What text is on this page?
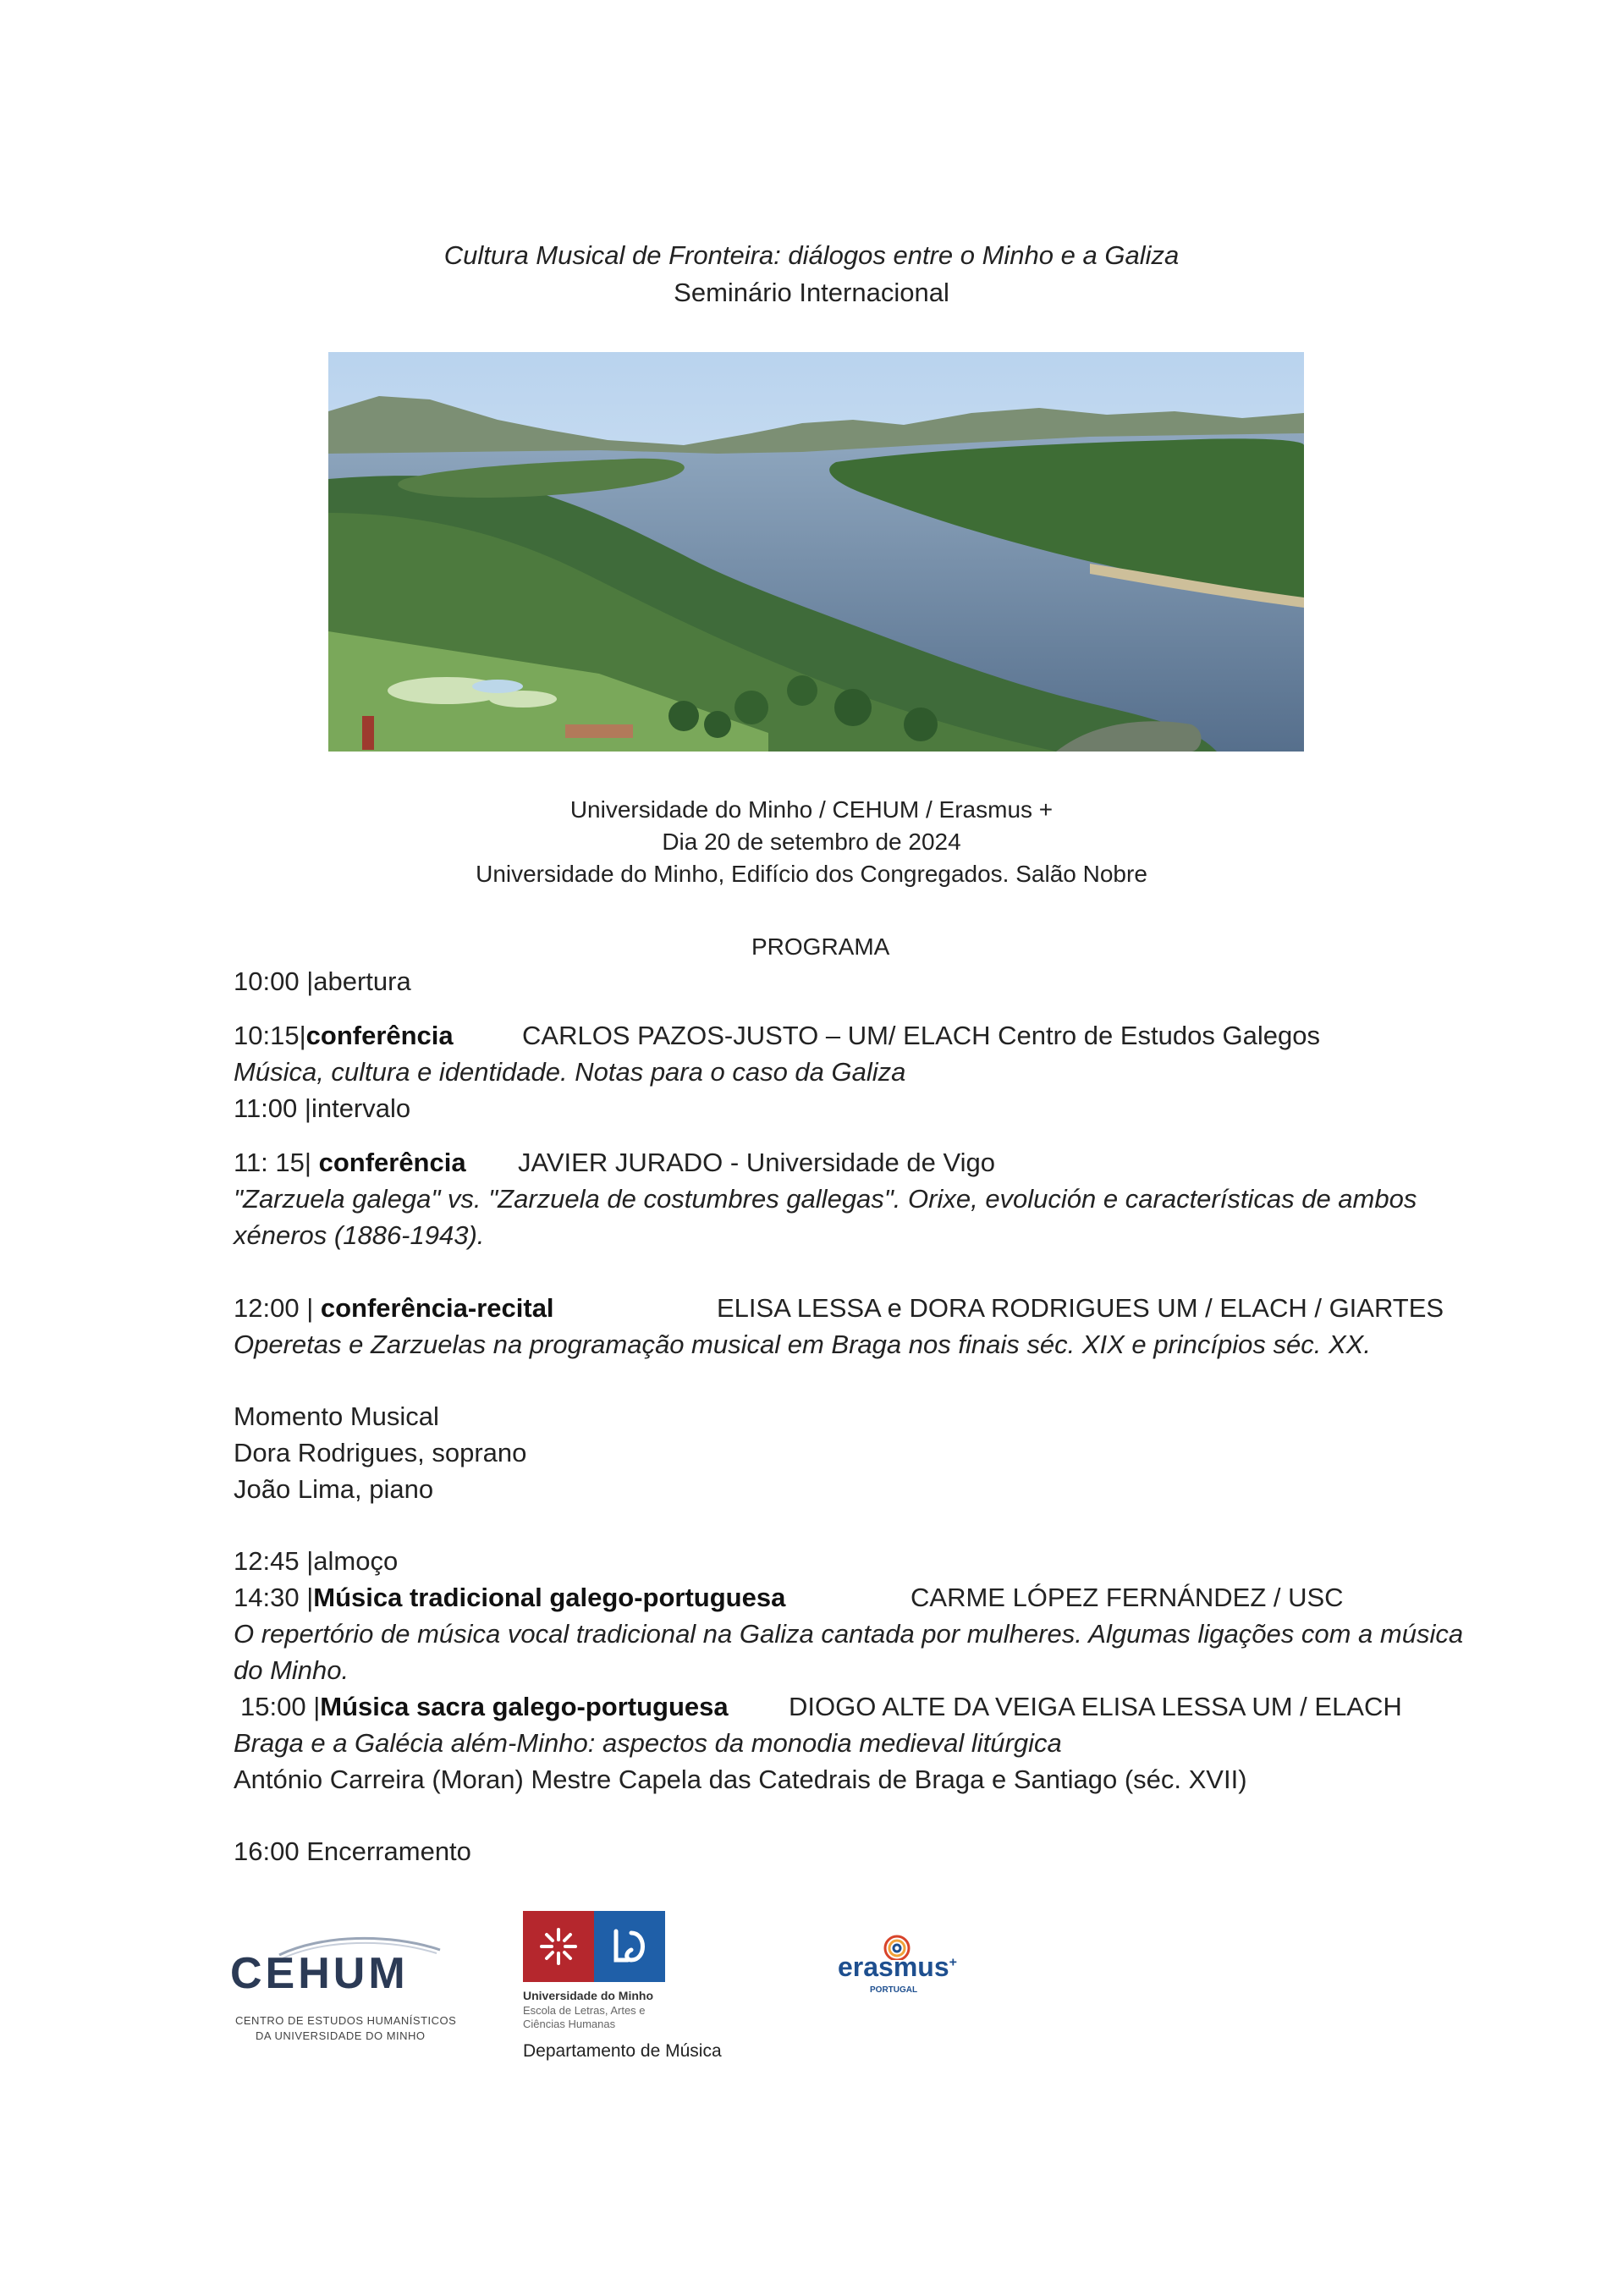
Cultura Musical de Fronteira: diálogos entre o Minho e a Galiza
Seminário Internacional
Universidade do Minho / CEHUM / Erasmus +
Dia 20 de setembro de 2024
Universidade do Minho, Edifício dos Congregados. Salão Nobre
PROGRAMA
10:00 |abertura
10:15|conferência	CARLOS PAZOS-JUSTO – UM/ ELACH Centro de Estudos Galegos
Música, cultura e identidade. Notas para o caso da Galiza
11:00 |intervalo
11: 15| conferência JAVIER JURADO - Universidade de Vigo
"Zarzuela galega" vs. "Zarzuela de costumbres gallegas". Orixe, evolución e características de ambos
xéneros (1886-1943).
12:00 | conferência-recital	ELISA LESSA e DORA RODRIGUES UM / ELACH / GIARTES
Operetas e Zarzuelas na programação musical em Braga nos finais séc. XIX e princípios séc. XX.
Momento Musical
Dora Rodrigues, soprano
João Lima, piano
12:45 |almoço
14:30 |Música tradicional galego-portuguesa	CARME LÓPEZ FERNÁNDEZ / USC
O repertório de música vocal tradicional na Galiza cantada por mulheres. Algumas ligações com a música
do Minho.
15:00 |Música sacra galego-portuguesa DIOGO ALTE DA VEIGA ELISA LESSA UM / ELACH
Braga e a Galécia além-Minho: aspectos da monodia medieval litúrgica
António Carreira (Moran) Mestre Capela das Catedrais de Braga e Santiago (séc. XVII)
16:00 Encerramento
CEHUM
CENTRO DE ESTUDOS HUMANÍSTICOS
DA UNIVERSIDADE DO MINHO
Universidade do Minho
Escola de Letras, Artes e
Ciências Humanas
Departamento de Música
erasmus+
PORTUGAL
